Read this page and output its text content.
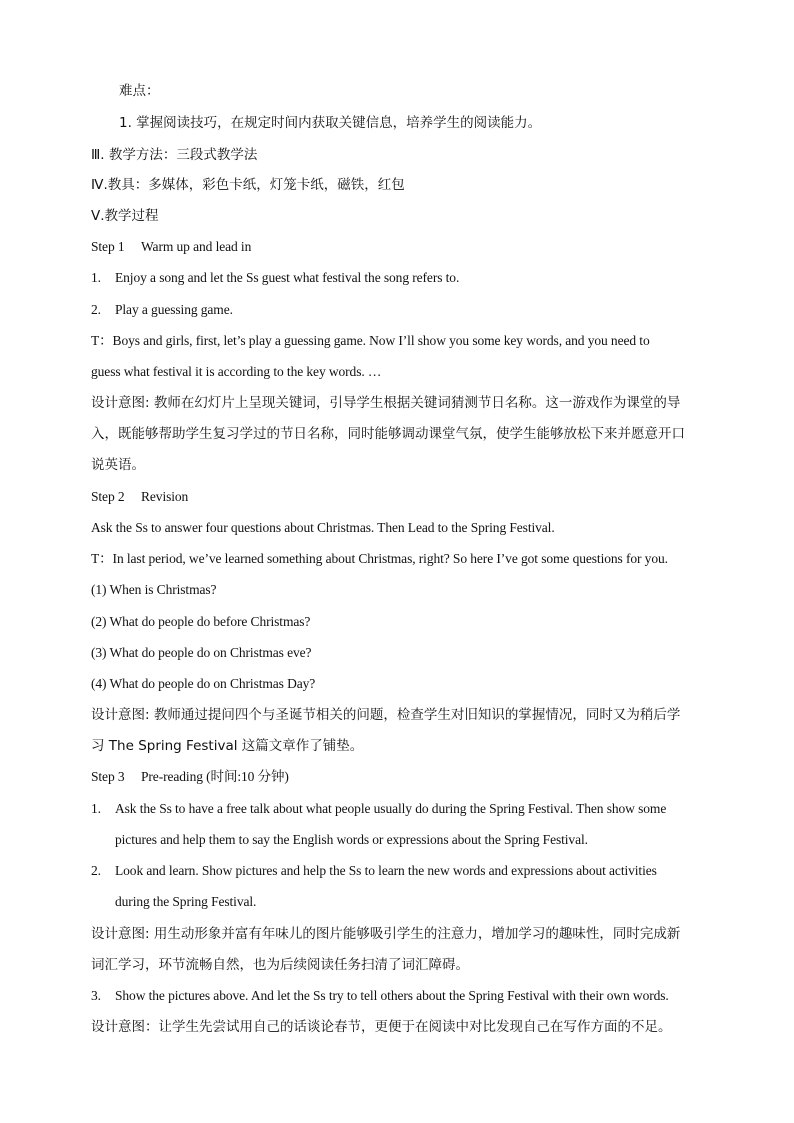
难点：
1. 掌握阅读技巧，在规定时间内获取关键信息，培养学生的阅读能力。
Ⅲ. 教学方法：三段式教学法
Ⅳ.教具：多媒体，彩色卡纸，灯笼卡纸，磁铁，红包
Ⅴ.教学过程
Step 1 Warm up and lead in
1. Enjoy a song and let the Ss guest what festival the song refers to.
2. Play a guessing game.
T：Boys and girls, first, let’s play a guessing game. Now I’ll show you some key words, and you need to
guess what festival it is according to the key words. …
设计意图: 教师在幻灯片上呈现关键词，引导学生根据关键词猜测节日名称。这一游戏作为课堂的导
入，既能够帮助学生复习学过的节日名称，同时能够调动课堂气氛，使学生能够放松下来并愿意开口
说英语。
Step 2 Revision
Ask the Ss to answer four questions about Christmas. Then Lead to the Spring Festival.
T：In last period, we’ve learned something about Christmas, right? So here I’ve got some questions for you.
(1) When is Christmas?
(2) What do people do before Christmas?
(3) What do people do on Christmas eve?
(4) What do people do on Christmas Day?
设计意图: 教师通过提问四个与圣诞节相关的问题，检查学生对旧知识的掌握情况，同时又为稍后学
习 The Spring Festival 这篇文章作了铺垫。
Step 3 Pre-reading (时间:10 分钟)
1. Ask the Ss to have a free talk about what people usually do during the Spring Festival. Then show some
pictures and help them to say the English words or expressions about the Spring Festival.
2. Look and learn. Show pictures and help the Ss to learn the new words and expressions about activities
during the Spring Festival.
设计意图: 用生动形象并富有年味儿的图片能够吸引学生的注意力，增加学习的趣味性，同时完成新
词汇学习，环节流畅自然，也为后续阅读任务扫清了词汇障碍。
3. Show the pictures above. And let the Ss try to tell others about the Spring Festival with their own words.
设计意图：让学生先尝试用自己的话谈论春节，更便于在阅读中对比发现自己在写作方面的不足。
